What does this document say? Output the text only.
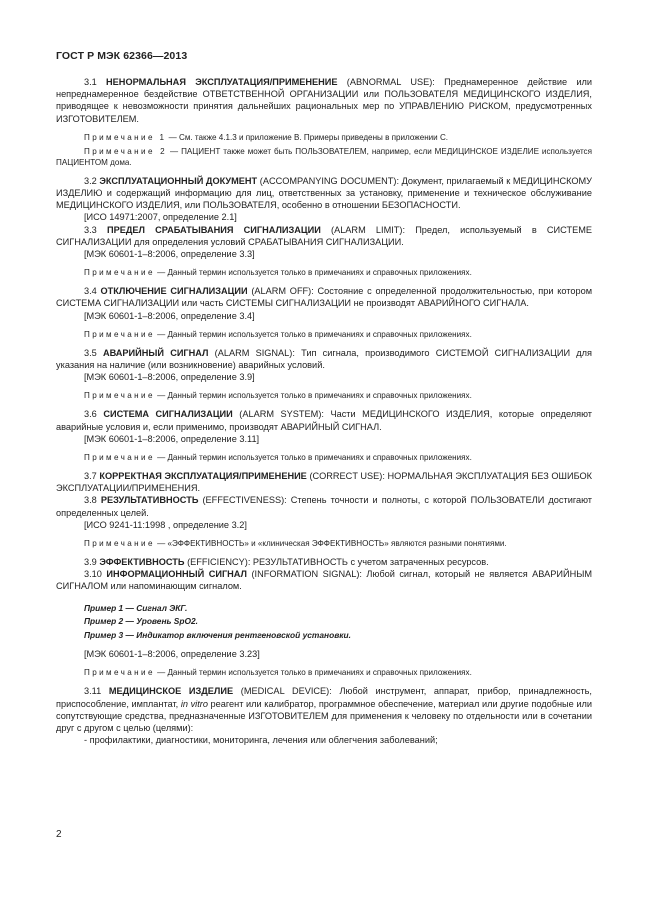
ГОСТ Р МЭК 62366—2013

3.1 НЕНОРМАЛЬНАЯ ЭКСПЛУАТАЦИЯ/ПРИМЕНЕНИЕ (ABNORMAL USE): Преднамеренное действие или непреднамеренное бездействие ОТВЕТСТВЕННОЙ ОРГАНИЗАЦИИ или ПОЛЬЗОВАТЕЛЯ МЕДИЦИНСКОГО ИЗДЕЛИЯ, приводящее к невозможности принятия дальнейших рациональных мер по УПРАВЛЕНИЮ РИСКОМ, предусмотренных ИЗГОТОВИТЕЛЕМ.

Примечание 1 — См. также 4.1.3 и приложение В. Примеры приведены в приложении С.

Примечание 2 — ПАЦИЕНТ также может быть ПОЛЬЗОВАТЕЛЕМ, например, если МЕДИЦИНСКОЕ ИЗДЕЛИЕ используется ПАЦИЕНТОМ дома.

3.2 ЭКСПЛУАТАЦИОННЫЙ ДОКУМЕНТ (ACCOMPANYING DOCUMENT): Документ, прилагаемый к МЕДИЦИНСКОМУ ИЗДЕЛИЮ и содержащий информацию для лиц, ответственных за установку, применение и техническое обслуживание МЕДИЦИНСКОГО ИЗДЕЛИЯ, или ПОЛЬЗОВАТЕЛЯ, особенно в отношении БЕЗОПАСНОСТИ.

[ИСО 14971:2007, определение 2.1]

3.3 ПРЕДЕЛ СРАБАТЫВАНИЯ СИГНАЛИЗАЦИИ (ALARM LIMIT): Предел, используемый в СИСТЕМЕ СИГНАЛИЗАЦИИ для определения условий СРАБАТЫВАНИЯ СИГНАЛИЗАЦИИ.

[МЭК 60601-1–8:2006, определение 3.3]

Примечание — Данный термин используется только в примечаниях и справочных приложениях.

3.4 ОТКЛЮЧЕНИЕ СИГНАЛИЗАЦИИ (ALARM OFF): Состояние с определенной продолжительностью, при котором СИСТЕМА СИГНАЛИЗАЦИИ или часть СИСТЕМЫ СИГНАЛИЗАЦИИ не производят АВАРИЙНОГО СИГНАЛА.

[МЭК 60601-1–8:2006, определение 3.4]

Примечание — Данный термин используется только в примечаниях и справочных приложениях.

3.5 АВАРИЙНЫЙ СИГНАЛ (ALARM SIGNAL): Тип сигнала, производимого СИСТЕМОЙ СИГНАЛИЗАЦИИ для указания на наличие (или возникновение) аварийных условий.

[МЭК 60601-1–8:2006, определение 3.9]

Примечание — Данный термин используется только в примечаниях и справочных приложениях.

3.6 СИСТЕМА СИГНАЛИЗАЦИИ (ALARM SYSTEM): Части МЕДИЦИНСКОГО ИЗДЕЛИЯ, которые определяют аварийные условия и, если применимо, производят АВАРИЙНЫЙ СИГНАЛ.

[МЭК 60601-1–8:2006, определение 3.11]

Примечание — Данный термин используется только в примечаниях и справочных приложениях.

3.7 КОРРЕКТНАЯ ЭКСПЛУАТАЦИЯ/ПРИМЕНЕНИЕ (CORRECT USE): НОРМАЛЬНАЯ ЭКСПЛУАТАЦИЯ БЕЗ ОШИБОК ЭКСПЛУАТАЦИИ/ПРИМЕНЕНИЯ.

3.8 РЕЗУЛЬТАТИВНОСТЬ (EFFECTIVENESS): Степень точности и полноты, с которой ПОЛЬЗОВАТЕЛИ достигают определенных целей.

[ИСО 9241-11:1998 , определение 3.2]

Примечание — «ЭФФЕКТИВНОСТЬ» и «клиническая ЭФФЕКТИВНОСТЬ» являются разными понятиями.

3.9 ЭФФЕКТИВНОСТЬ (EFFICIENCY): РЕЗУЛЬТАТИВНОСТЬ с учетом затраченных ресурсов.

3.10 ИНФОРМАЦИОННЫЙ СИГНАЛ (INFORMATION SIGNAL): Любой сигнал, который не является АВАРИЙНЫМ СИГНАЛОМ или напоминающим сигналом.

Пример 1 — Сигнал ЭКГ.

Пример 2 — Уровень SpO2.

Пример 3 — Индикатор включения рентгеновской установки.

[МЭК 60601-1–8:2006, определение 3.23]

Примечание — Данный термин используется только в примечаниях и справочных приложениях.

3.11 МЕДИЦИНСКОЕ ИЗДЕЛИЕ (MEDICAL DEVICE): Любой инструмент, аппарат, прибор, принадлежность, приспособление, имплантат, in vitro реагент или калибратор, программное обеспечение, материал или другие подобные или сопутствующие средства, предназначенные ИЗГОТОВИТЕЛЕМ для применения к человеку по отдельности или в сочетании друг с другом с целью (целями):

- профилактики, диагностики, мониторинга, лечения или облегчения заболеваний;

2
